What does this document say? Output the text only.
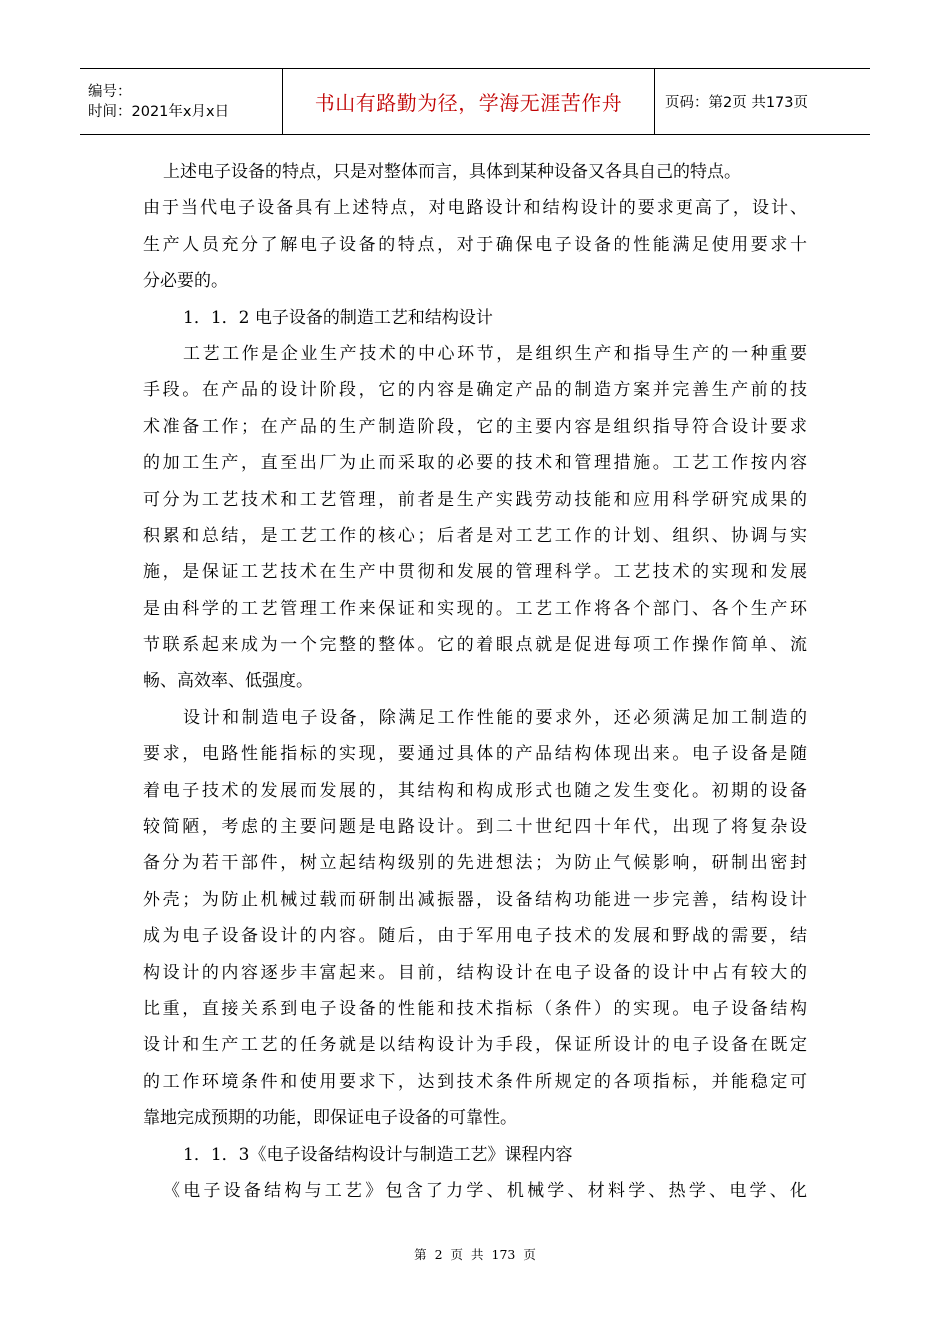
编号：
时间：2021年x月x日	书山有路勤为径，学海无涯苦作舟	页码：第2页 共173页
上述电子设备的特点，只是对整体而言，具体到某种设备又各具自己的特点。
由于当代电子设备具有上述特点，对电路设计和结构设计的要求更高了，设计、
生产人员充分了解电子设备的特点，对于确保电子设备的性能满足使用要求十
分必要的。
1．1．2 电子设备的制造工艺和结构设计
工艺工作是企业生产技术的中心环节，是组织生产和指导生产的一种重要
手段。在产品的设计阶段，它的内容是确定产品的制造方案并完善生产前的技
术准备工作；在产品的生产制造阶段，它的主要内容是组织指导符合设计要求
的加工生产，直至出厂为止而采取的必要的技术和管理措施。工艺工作按内容
可分为工艺技术和工艺管理，前者是生产实践劳动技能和应用科学研究成果的
积累和总结，是工艺工作的核心；后者是对工艺工作的计划、组织、协调与实
施，是保证工艺技术在生产中贯彻和发展的管理科学。工艺技术的实现和发展
是由科学的工艺管理工作来保证和实现的。工艺工作将各个部门、各个生产环
节联系起来成为一个完整的整体。它的着眼点就是促进每项工作操作简单、流
畅、高效率、低强度。
设计和制造电子设备，除满足工作性能的要求外，还必须满足加工制造的
要求，电路性能指标的实现，要通过具体的产品结构体现出来。电子设备是随
着电子技术的发展而发展的，其结构和构成形式也随之发生变化。初期的设备
较简陋，考虑的主要问题是电路设计。到二十世纪四十年代，出现了将复杂设
备分为若干部件，树立起结构级别的先进想法；为防止气候影响，研制出密封
外壳；为防止机械过载而研制出减振器，设备结构功能进一步完善，结构设计
成为电子设备设计的内容。随后，由于军用电子技术的发展和野战的需要，结
构设计的内容逐步丰富起来。目前，结构设计在电子设备的设计中占有较大的
比重，直接关系到电子设备的性能和技术指标（条件）的实现。电子设备结构
设计和生产工艺的任务就是以结构设计为手段，保证所设计的电子设备在既定
的工作环境条件和使用要求下，达到技术条件所规定的各项指标，并能稳定可
靠地完成预期的功能，即保证电子设备的可靠性。
1．1．3《电子设备结构设计与制造工艺》课程内容
《电子设备结构与工艺》包含了力学、机械学、材料学、热学、电学、化
第 2 页 共 173 页
